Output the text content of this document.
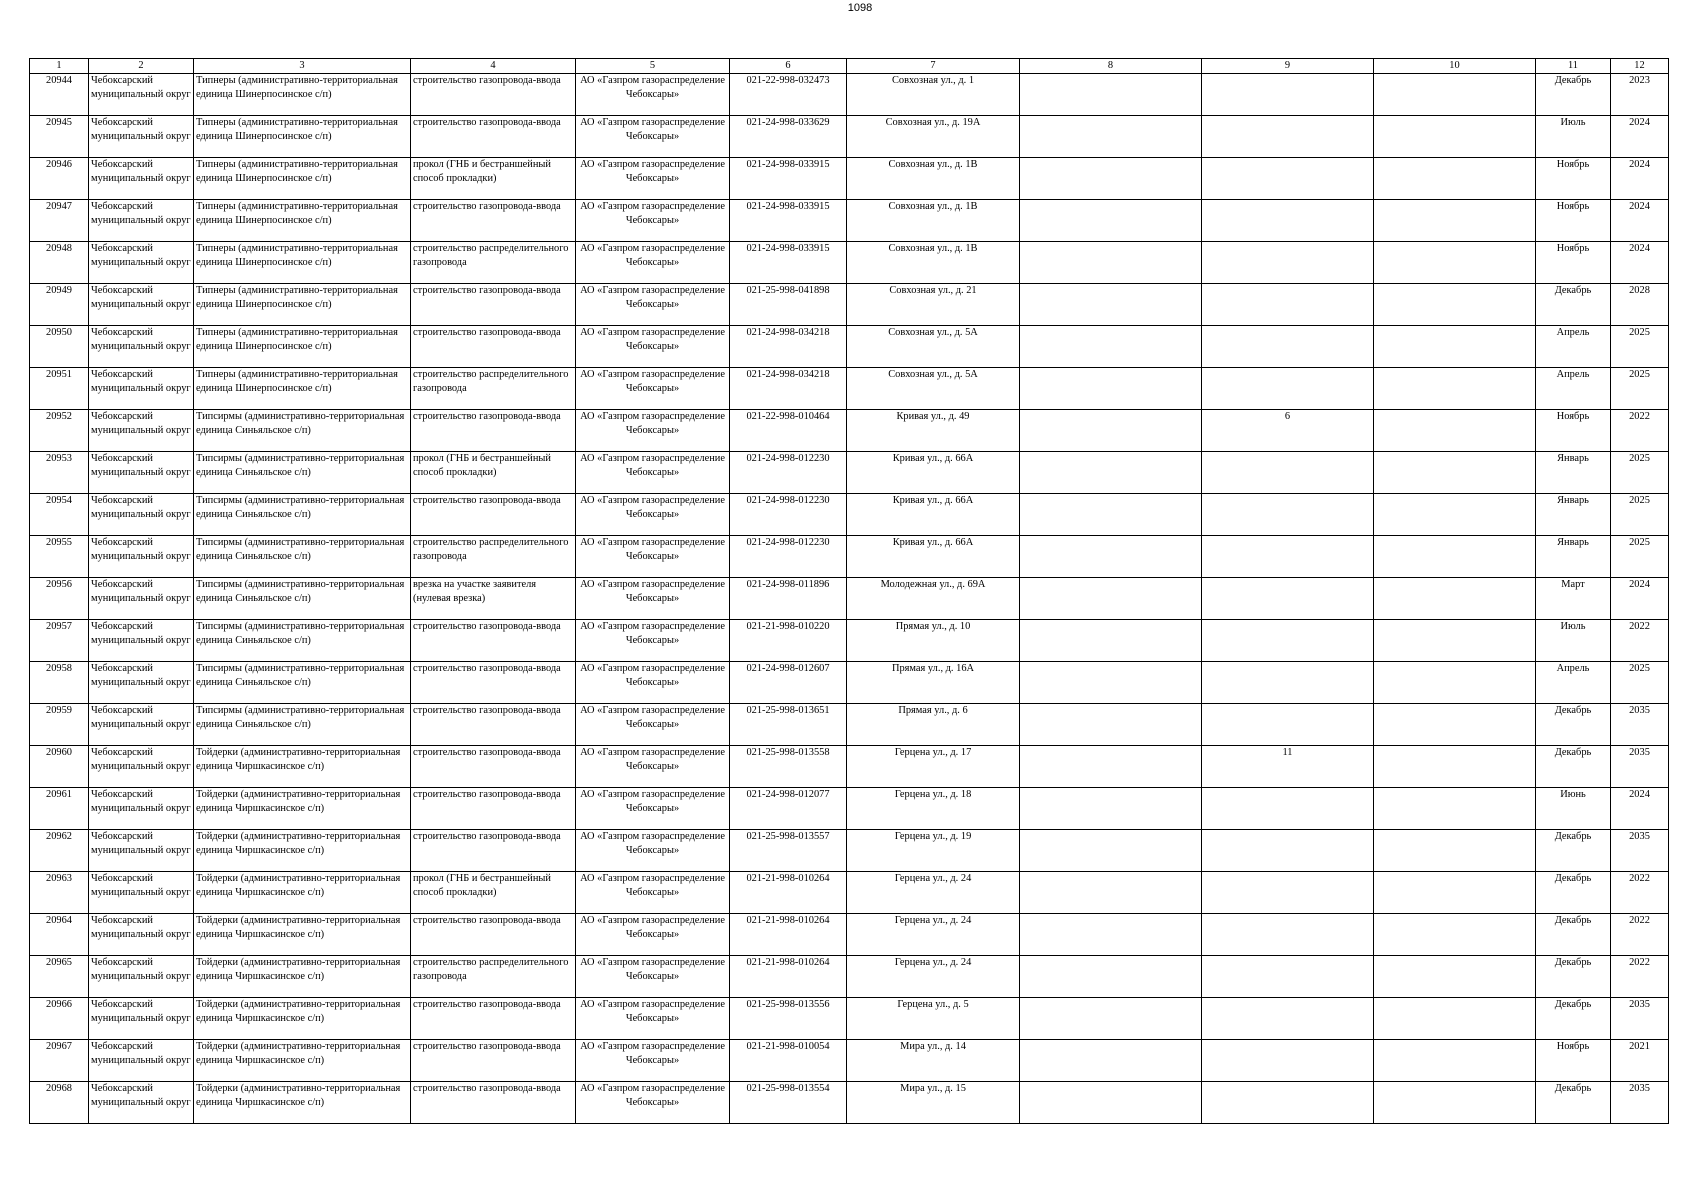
1098
1	2	3	4	5	6	7	8	9	10	11	12

20944	Чебоксарский муниципальный округ	Типнеры (административно-территориальная единица Шинерпосинское с/п)	строительство газопровода-ввода	АО «Газпром газораспределение Чебоксары»	021-22-998-032473	Совхозная ул., д. 1				Декабрь	2023

20945	Чебоксарский муниципальный округ	Типнеры (административно-территориальная единица Шинерпосинское с/п)	строительство газопровода-ввода	АО «Газпром газораспределение Чебоксары»	021-24-998-033629	Совхозная ул., д. 19А				Июль	2024

20946	Чебоксарский муниципальный округ	Типнеры (административно-территориальная единица Шинерпосинское с/п)	прокол (ГНБ и бестраншейный способ прокладки)	АО «Газпром газораспределение Чебоксары»	021-24-998-033915	Совхозная ул., д. 1В				Ноябрь	2024

20947	Чебоксарский муниципальный округ	Типнеры (административно-территориальная единица Шинерпосинское с/п)	строительство газопровода-ввода	АО «Газпром газораспределение Чебоксары»	021-24-998-033915	Совхозная ул., д. 1В				Ноябрь	2024

20948	Чебоксарский муниципальный округ	Типнеры (административно-территориальная единица Шинерпосинское с/п)	строительство распределительного газопровода	АО «Газпром газораспределение Чебоксары»	021-24-998-033915	Совхозная ул., д. 1В				Ноябрь	2024

20949	Чебоксарский муниципальный округ	Типнеры (административно-территориальная единица Шинерпосинское с/п)	строительство газопровода-ввода	АО «Газпром газораспределение Чебоксары»	021-25-998-041898	Совхозная ул., д. 21				Декабрь	2028

20950	Чебоксарский муниципальный округ	Типнеры (административно-территориальная единица Шинерпосинское с/п)	строительство газопровода-ввода	АО «Газпром газораспределение Чебоксары»	021-24-998-034218	Совхозная ул., д. 5А				Апрель	2025

20951	Чебоксарский муниципальный округ	Типнеры (административно-территориальная единица Шинерпосинское с/п)	строительство распределительного газопровода	АО «Газпром газораспределение Чебоксары»	021-24-998-034218	Совхозная ул., д. 5А				Апрель	2025

20952	Чебоксарский муниципальный округ	Типсирмы (административно-территориальная единица Синьяльское с/п)	строительство газопровода-ввода	АО «Газпром газораспределение Чебоксары»	021-22-998-010464	Кривая ул., д. 49		6		Ноябрь	2022

20953	Чебоксарский муниципальный округ	Типсирмы (административно-территориальная единица Синьяльское с/п)	прокол (ГНБ и бестраншейный способ прокладки)	АО «Газпром газораспределение Чебоксары»	021-24-998-012230	Кривая ул., д. 66А				Январь	2025

20954	Чебоксарский муниципальный округ	Типсирмы (административно-территориальная единица Синьяльское с/п)	строительство газопровода-ввода	АО «Газпром газораспределение Чебоксары»	021-24-998-012230	Кривая ул., д. 66А				Январь	2025

20955	Чебоксарский муниципальный округ	Типсирмы (административно-территориальная единица Синьяльское с/п)	строительство распределительного газопровода	АО «Газпром газораспределение Чебоксары»	021-24-998-012230	Кривая ул., д. 66А				Январь	2025

20956	Чебоксарский муниципальный округ	Типсирмы (административно-территориальная единица Синьяльское с/п)	врезка на участке заявителя (нулевая врезка)	АО «Газпром газораспределение Чебоксары»	021-24-998-011896	Молодежная ул., д. 69А				Март	2024

20957	Чебоксарский муниципальный округ	Типсирмы (административно-территориальная единица Синьяльское с/п)	строительство газопровода-ввода	АО «Газпром газораспределение Чебоксары»	021-21-998-010220	Прямая ул., д. 10				Июль	2022

20958	Чебоксарский муниципальный округ	Типсирмы (административно-территориальная единица Синьяльское с/п)	строительство газопровода-ввода	АО «Газпром газораспределение Чебоксары»	021-24-998-012607	Прямая ул., д. 16А				Апрель	2025

20959	Чебоксарский муниципальный округ	Типсирмы (административно-территориальная единица Синьяльское с/п)	строительство газопровода-ввода	АО «Газпром газораспределение Чебоксары»	021-25-998-013651	Прямая ул., д. 6				Декабрь	2035

20960	Чебоксарский муниципальный округ	Тойдерки (административно-территориальная единица Чиршкасинское с/п)	строительство газопровода-ввода	АО «Газпром газораспределение Чебоксары»	021-25-998-013558	Герцена ул., д. 17		11		Декабрь	2035

20961	Чебоксарский муниципальный округ	Тойдерки (административно-территориальная единица Чиршкасинское с/п)	строительство газопровода-ввода	АО «Газпром газораспределение Чебоксары»	021-24-998-012077	Герцена ул., д. 18				Июнь	2024

20962	Чебоксарский муниципальный округ	Тойдерки (административно-территориальная единица Чиршкасинское с/п)	строительство газопровода-ввода	АО «Газпром газораспределение Чебоксары»	021-25-998-013557	Герцена ул., д. 19				Декабрь	2035

20963	Чебоксарский муниципальный округ	Тойдерки (административно-территориальная единица Чиршкасинское с/п)	прокол (ГНБ и бестраншейный способ прокладки)	АО «Газпром газораспределение Чебоксары»	021-21-998-010264	Герцена ул., д. 24				Декабрь	2022

20964	Чебоксарский муниципальный округ	Тойдерки (административно-территориальная единица Чиршкасинское с/п)	строительство газопровода-ввода	АО «Газпром газораспределение Чебоксары»	021-21-998-010264	Герцена ул., д. 24				Декабрь	2022

20965	Чебоксарский муниципальный округ	Тойдерки (административно-территориальная единица Чиршкасинское с/п)	строительство распределительного газопровода	АО «Газпром газораспределение Чебоксары»	021-21-998-010264	Герцена ул., д. 24				Декабрь	2022

20966	Чебоксарский муниципальный округ	Тойдерки (административно-территориальная единица Чиршкасинское с/п)	строительство газопровода-ввода	АО «Газпром газораспределение Чебоксары»	021-25-998-013556	Герцена ул., д. 5				Декабрь	2035

20967	Чебоксарский муниципальный округ	Тойдерки (административно-территориальная единица Чиршкасинское с/п)	строительство газопровода-ввода	АО «Газпром газораспределение Чебоксары»	021-21-998-010054	Мира ул., д. 14				Ноябрь	2021

20968	Чебоксарский муниципальный округ	Тойдерки (административно-территориальная единица Чиршкасинское с/п)	строительство газопровода-ввода	АО «Газпром газораспределение Чебоксары»	021-25-998-013554	Мира ул., д. 15				Декабрь	2035
